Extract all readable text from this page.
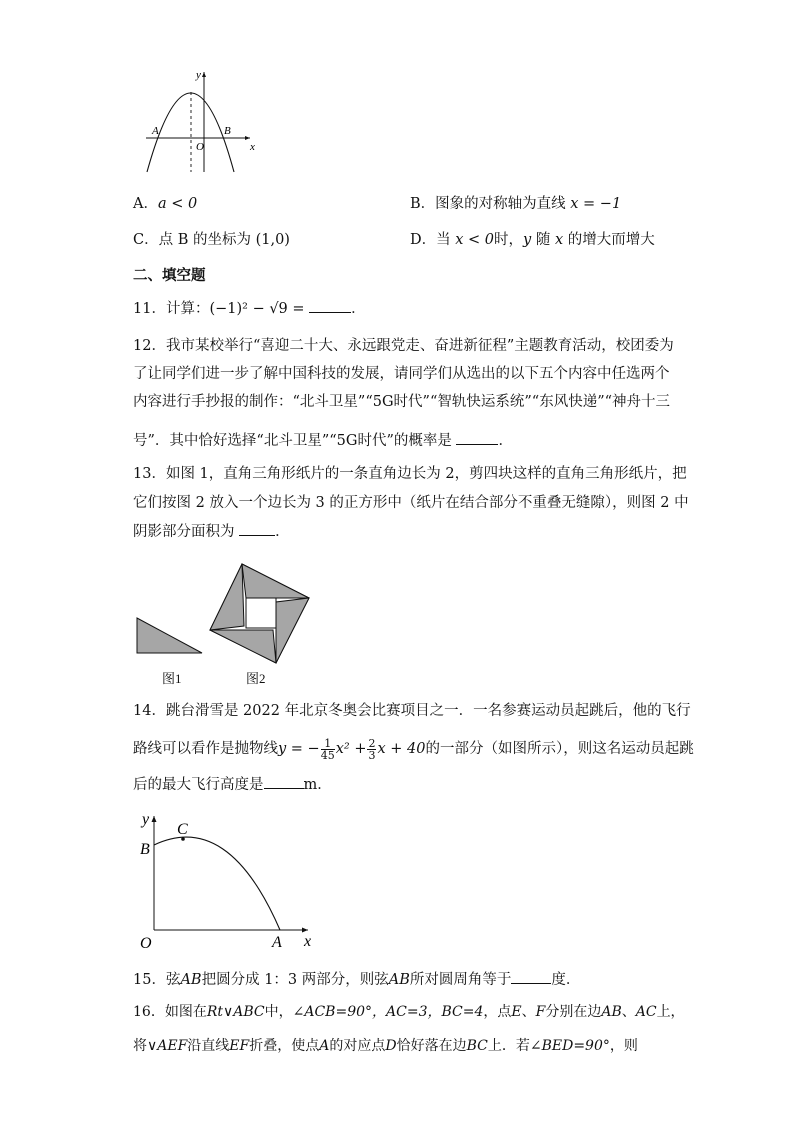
y
x
A	B
O
A．a < 0	B．图象的对称轴为直线 x = −1
C．点 B 的坐标为 (1,0)	D．当 x < 0时，y 随 x 的增大而增大
二、填空题
11．计算：(−1)² − √9 =	．
12．我市某校举行“喜迎二十大、永远跟党走、奋进新征程”主题教育活动，校团委为
了让同学们进一步了解中国科技的发展，请同学们从选出的以下五个内容中任选两个
内容进行手抄报的制作：“北斗卫星”“5G时代”“智轨快运系统”“东风快递”“神舟十三
号”．其中恰好选择“北斗卫星”“5G时代”的概率是	．
13．如图 1，直角三角形纸片的一条直角边长为 2，剪四块这样的直角三角形纸片，把
它们按图 2 放入一个边长为 3 的正方形中（纸片在结合部分不重叠无缝隙），则图 2 中
阴影部分面积为	．
图1	图2
14．跳台滑雪是 2022 年北京冬奥会比赛项目之一．一名参赛运动员起跳后，他的飞行
路线可以看作是抛物线y = − $\frac{1}{45} x^2 + \frac{2}{3}$ x + 40的一部分（如图所示），则这名运动员起跳
后的最大飞行高度是	m．
y
B
C
O	A x
15．弦AB把圆分成 1：3 两部分，则弦AB所对圆周角等于	度．
16．如图在Rt∨ABC中，∠ACB=90°，AC=3，BC=4，点E、F分别在边AB、AC上，
将∨AEF沿直线EF折叠，使点A的对应点D恰好落在边BC上．若∠BED=90°，则
